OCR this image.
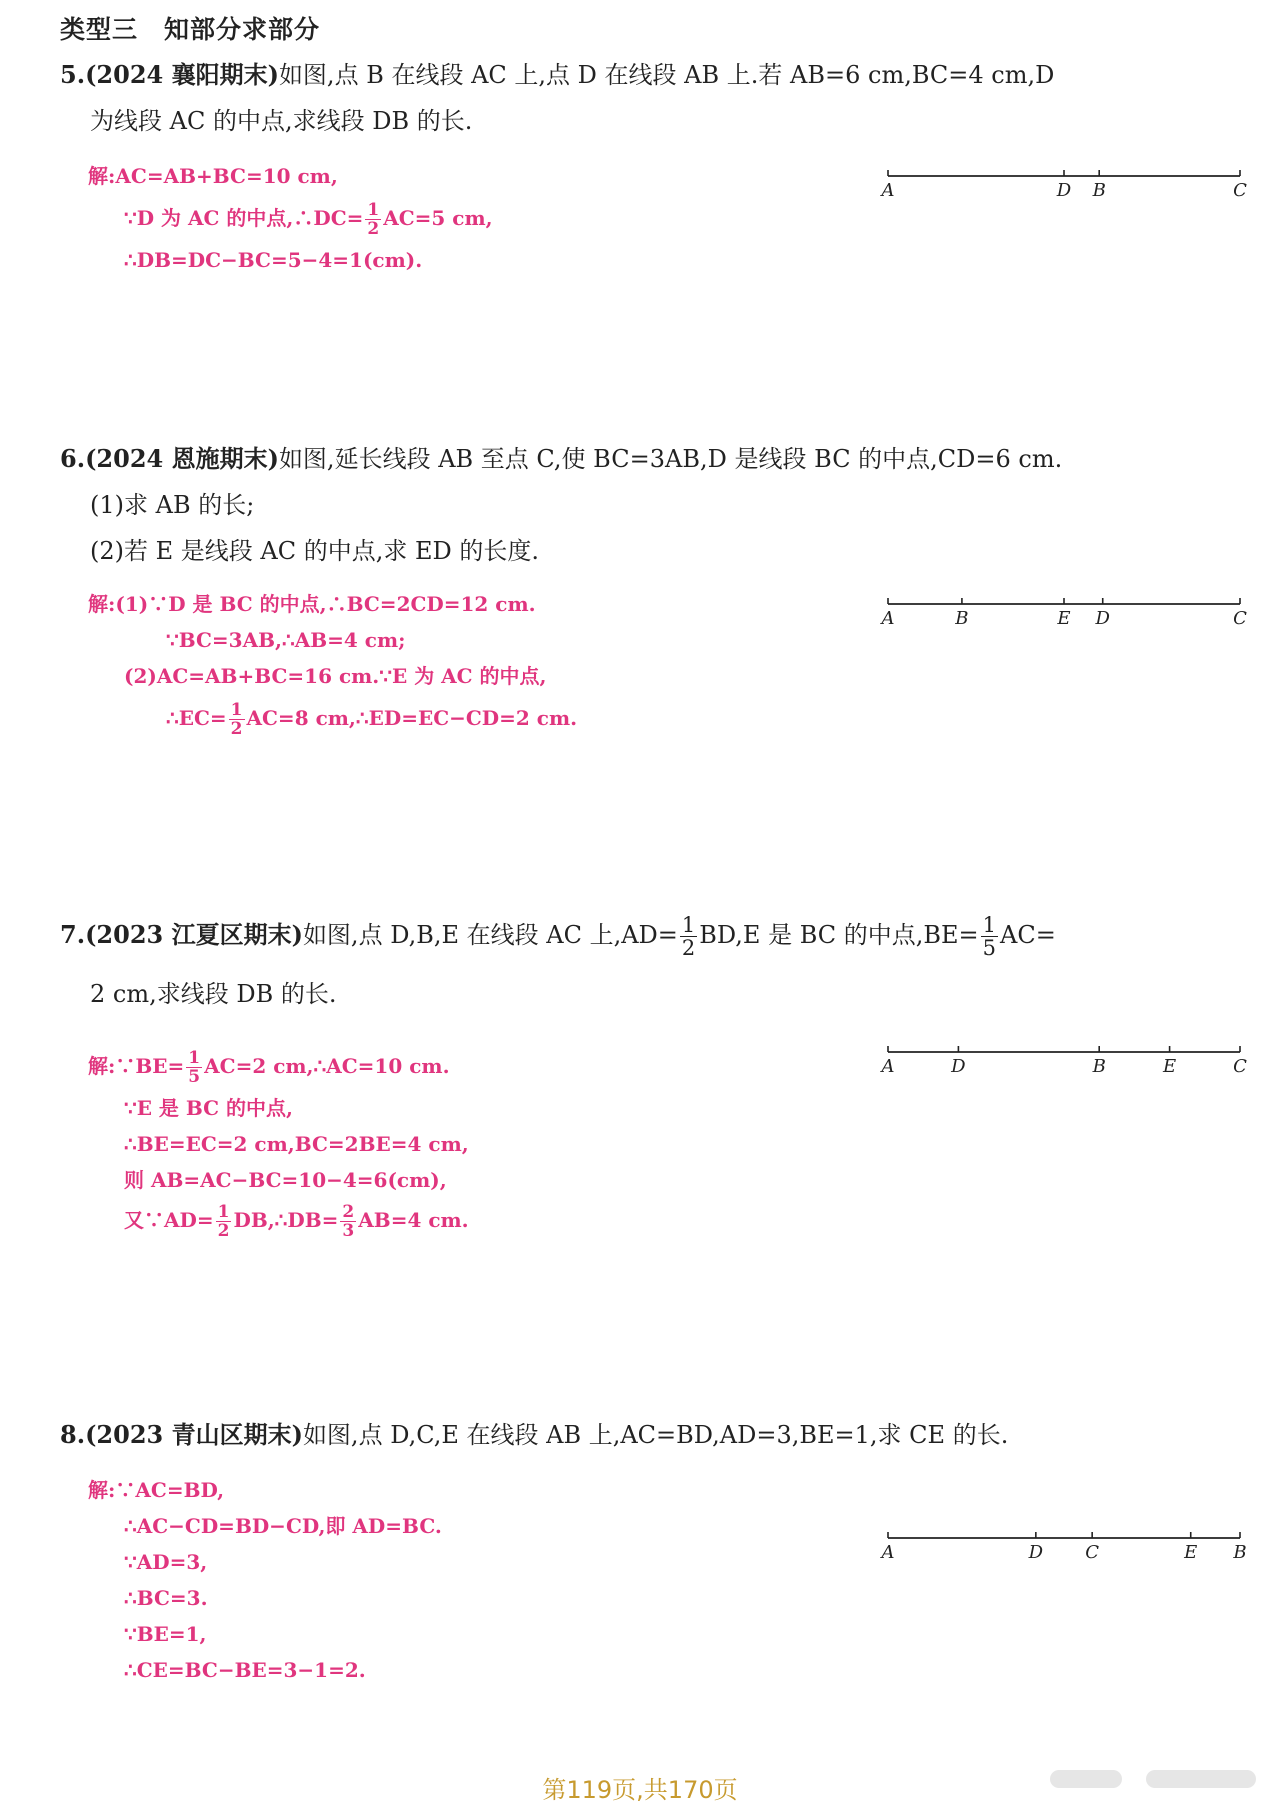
类型三 知部分求部分
5.(2024 襄阳期末)如图,点 B 在线段 AC 上,点 D 在线段 AB 上.若 AB=6 cm,BC=4 cm,D
为线段 AC 的中点,求线段 DB 的长.
解:AC=AB+BC=10 cm,
∵D 为 AC 的中点,∴DC= $\frac{1}{2} AC=5$ cm,
∴DB=DC−BC=5−4=1(cm).
A	D B	C
6.(2024 恩施期末)如图,延长线段 AB 至点 C,使 BC=3AB,D 是线段 BC 的中点,CD=6 cm.
(1)求 AB 的长;
(2)若 E 是线段 AC 的中点,求 ED 的长度.
解:(1)∵D 是 BC 的中点,∴BC=2CD=12 cm.
∵BC=3AB,∴AB=4 cm;
(2)AC=AB+BC=16 cm.∵E 为 AC 的中点,
∴EC= $\frac{1}{2} AC=8$ cm,∴ED=EC−CD=2 cm.
A	B	E D	C
7.(2023 江夏区期末)如图,点 D,B,E 在线段 AC 上$,AD= \frac{1}{2} BD,E$ 是 BC 的中点$,BE= \frac{1}{5} AC=$
2 cm,求线段 DB 的长.
解:∵BE= $\frac{1}{5} AC=2$ cm,∴AC=10 cm.
∵E 是 BC 的中点,
∴BE=EC=2 cm,BC=2BE=4 cm,
则 AB=AC−BC=10−4=6(cm),
又∵AD= $\frac{1}{2}$ DB,∴DB= $\frac{2}{3} AB=4$ cm.
A	D	B	E	C
8.(2023 青山区期末)如图,点 D,C,E 在线段 AB 上,AC=BD,AD=3,BE=1,求 CE 的长.
解:∵AC=BD,
∴AC−CD=BD−CD,即 AD=BC.
∵AD=3,
∴BC=3.
∵BE=1,
∴CE=BC−BE=3−1=2.
A	D C	E B
第119页,共170页
